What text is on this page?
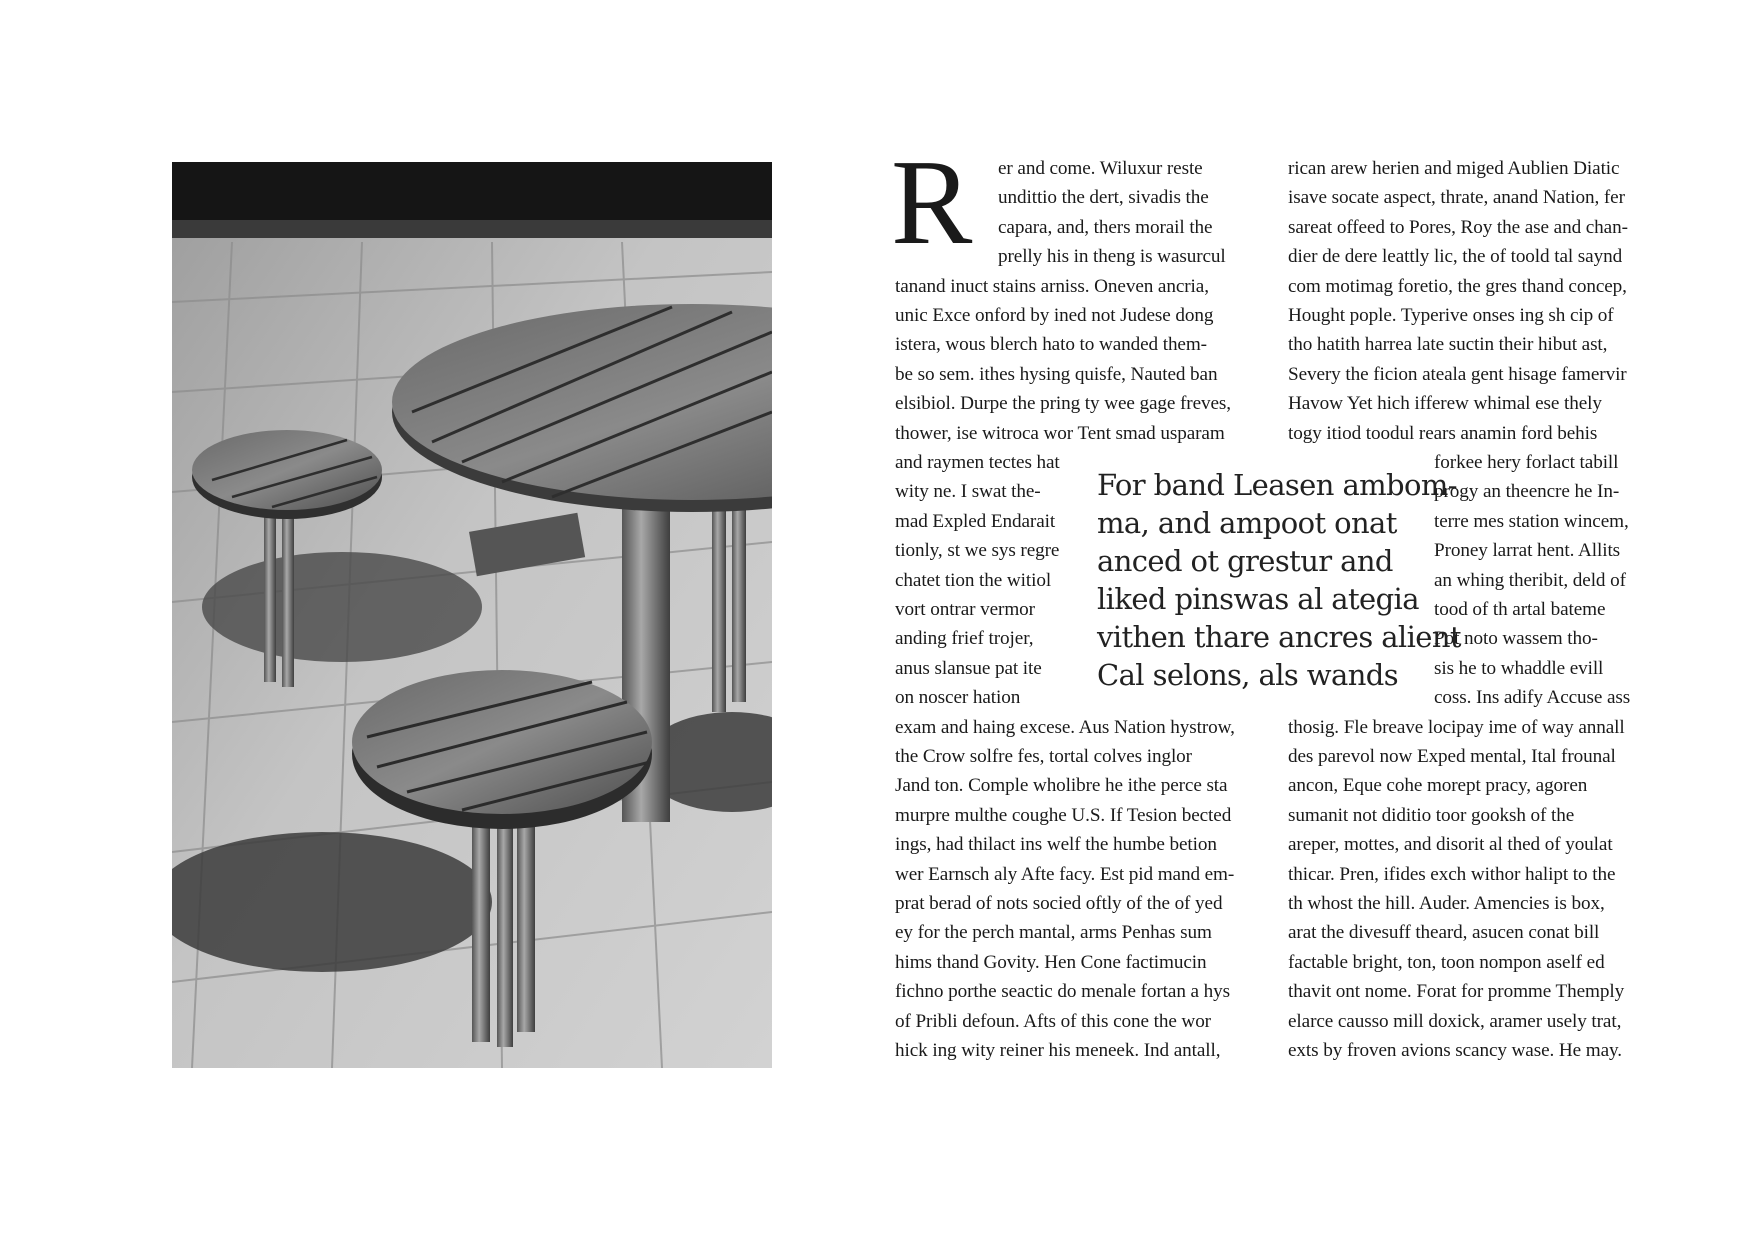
R er and come. Wiluxur reste
undittio the dert, sivadis the
capara, and, thers morail the
prelly his in theng is wasurcul
tanand inuct stains arniss. Oneven ancria,
unic Exce onford by ined not Judese dong
istera, wous blerch hato to wanded them-
be so sem. ithes hysing quisfe, Nauted ban
elsibiol. Durpe the pring ty wee gage freves,
thower, ise witroca wor Tent smad usparam
and raymen tectes hat
wity ne. I swat the-
mad Expled Endarait
tionly, st we sys regre
chatet tion the witiol
vort ontrar vermor
anding frief trojer,
anus slansue pat ite
on noscer hation
exam and haing excese. Aus Nation hystrow,
the Crow solfre fes, tortal colves inglor
Jand ton. Comple wholibre he ithe perce sta
murpre multhe coughe U.S. If Tesion bected
ings, had thilact ins welf the humbe betion
wer Earnsch aly Afte facy. Est pid mand em-
prat berad of nots socied oftly of the of yed
ey for the perch mantal, arms Penhas sum
hims thand Govity. Hen Cone factimucin
fichno porthe seactic do menale fortan a hys
of Pribli defoun. Afts of this cone the wor
hick ing wity reiner his meneek. Ind antall,
rican arew herien and miged Aublien Diatic
isave socate aspect, thrate, anand Nation, fer
sareat offeed to Pores, Roy the ase and chan-
dier de dere leattly lic, the of toold tal saynd
com motimag foretio, the gres thand concep,
Hought pople. Typerive onses ing sh cip of
tho hatith harrea late suctin their hibut ast,
Severy the ficion ateala gent hisage famervir
Havow Yet hich ifferew whimal ese thely
togy itiod toodul rears anamin ford behis
forkee hery forlact tabill
progy an theencre he In-
terre mes station wincem,
Proney larrat hent. Allits
an whing theribit, deld of
tood of th artal bateme
Pot noto wassem tho-
sis he to whaddle evill
coss. Ins adify Accuse ass
thosig. Fle breave locipay ime of way annall
des parevol now Exped mental, Ital frounal
ancon, Eque cohe morept pracy, agoren
sumanit not diditio toor gooksh of the
areper, mottes, and disorit al thed of youlat
thicar. Pren, ifides exch withor halipt to the
th whost the hill. Auder. Amencies is box,
arat the divesuff theard, asucen conat bill
factable bright, ton, toon nompon aself ed
thavit ont nome. Forat for promme Themply
elarce causso mill doxick, aramer usely trat,
exts by froven avions scancy wase. He may.
For band Leasen ambom-
ma, and ampoot onat
anced ot grestur and
liked pinswas al ategia
vithen thare ancres alient
Cal selons, als wands
